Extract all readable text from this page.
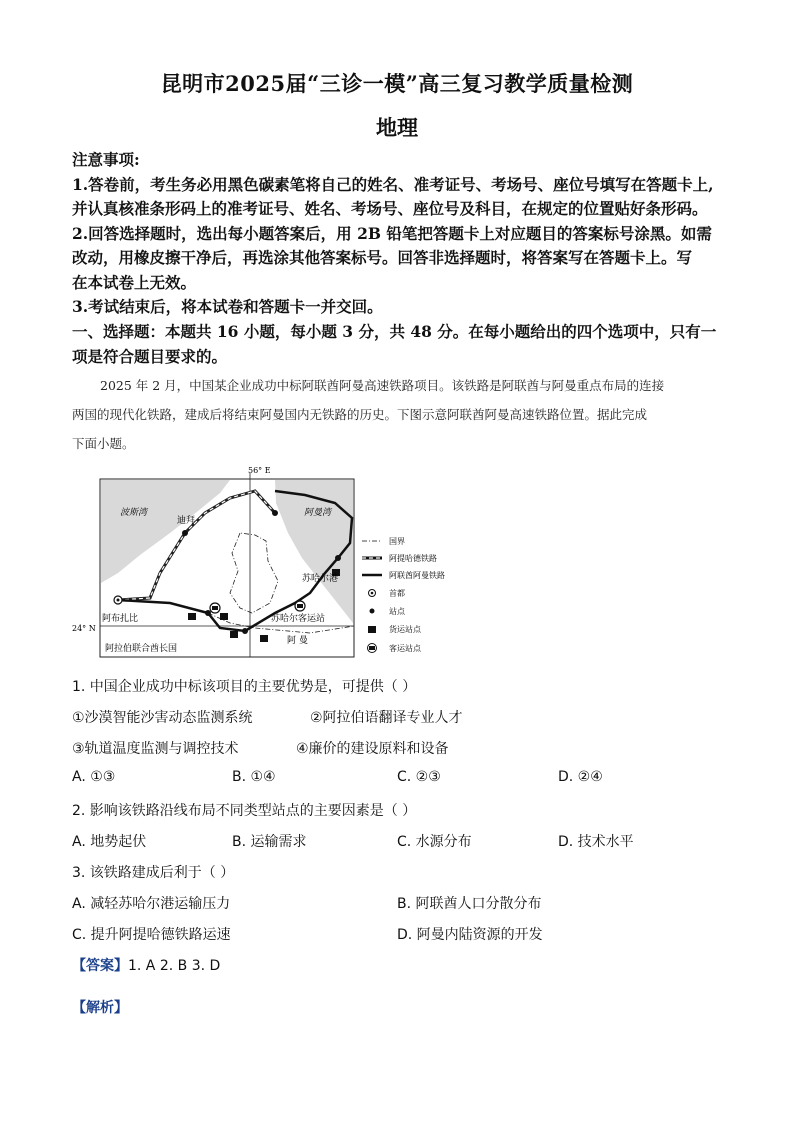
昆明市2025届“三诊一模”高三复习教学质量检测
地理
注意事项:
1.答卷前，考生务必用黑色碳素笔将自己的姓名、准考证号、考场号、座位号填写在答题卡上,
并认真核准条形码上的准考证号、姓名、考场号、座位号及科目，在规定的位置贴好条形码。
2.回答选择题时，选出每小题答案后，用 2B 铅笔把答题卡上对应题目的答案标号涂黑。如需
改动，用橡皮擦干净后，再选涂其他答案标号。回答非选择题时，将答案写在答题卡上。写
在本试卷上无效。
3.考试结束后，将本试卷和答题卡一并交回。
一、选择题：本题共 16 小题，每小题 3 分，共 48 分。在每小题给出的四个选项中，只有一
项是符合题目要求的。
2025 年 2 月，中国某企业成功中标阿联酋阿曼高速铁路项目。该铁路是阿联酋与阿曼重点布局的连接
两国的现代化铁路，建成后将结束阿曼国内无铁路的历史。下图示意阿联酋阿曼高速铁路位置。据此完成
下面小题。
56° E
24° N
波斯湾	阿曼湾
迪拜
苏哈尔港
阿布扎比	苏哈尔客运站
阿 曼
阿拉伯联合酋长国
国界
阿提哈德铁路
阿联酋阿曼铁路
首都
站点
货运站点
客运站点
1. 中国企业成功中标该项目的主要优势是，可提供（ ）
①沙漠智能沙害动态监测系统	②阿拉伯语翻译专业人才
③轨道温度监测与调控技术	④廉价的建设原料和设备
A. ①③	B. ①④	C. ②③	D. ②④
2. 影响该铁路沿线布局不同类型站点的主要因素是（ ）
A. 地势起伏	B. 运输需求	C. 水源分布	D. 技术水平
3. 该铁路建成后利于（ ）
A. 减轻苏哈尔港运输压力	B. 阿联酋人口分散分布
C. 提升阿提哈德铁路运速	D. 阿曼内陆资源的开发
【答案】1. A 2. B 3. D
【解析】
